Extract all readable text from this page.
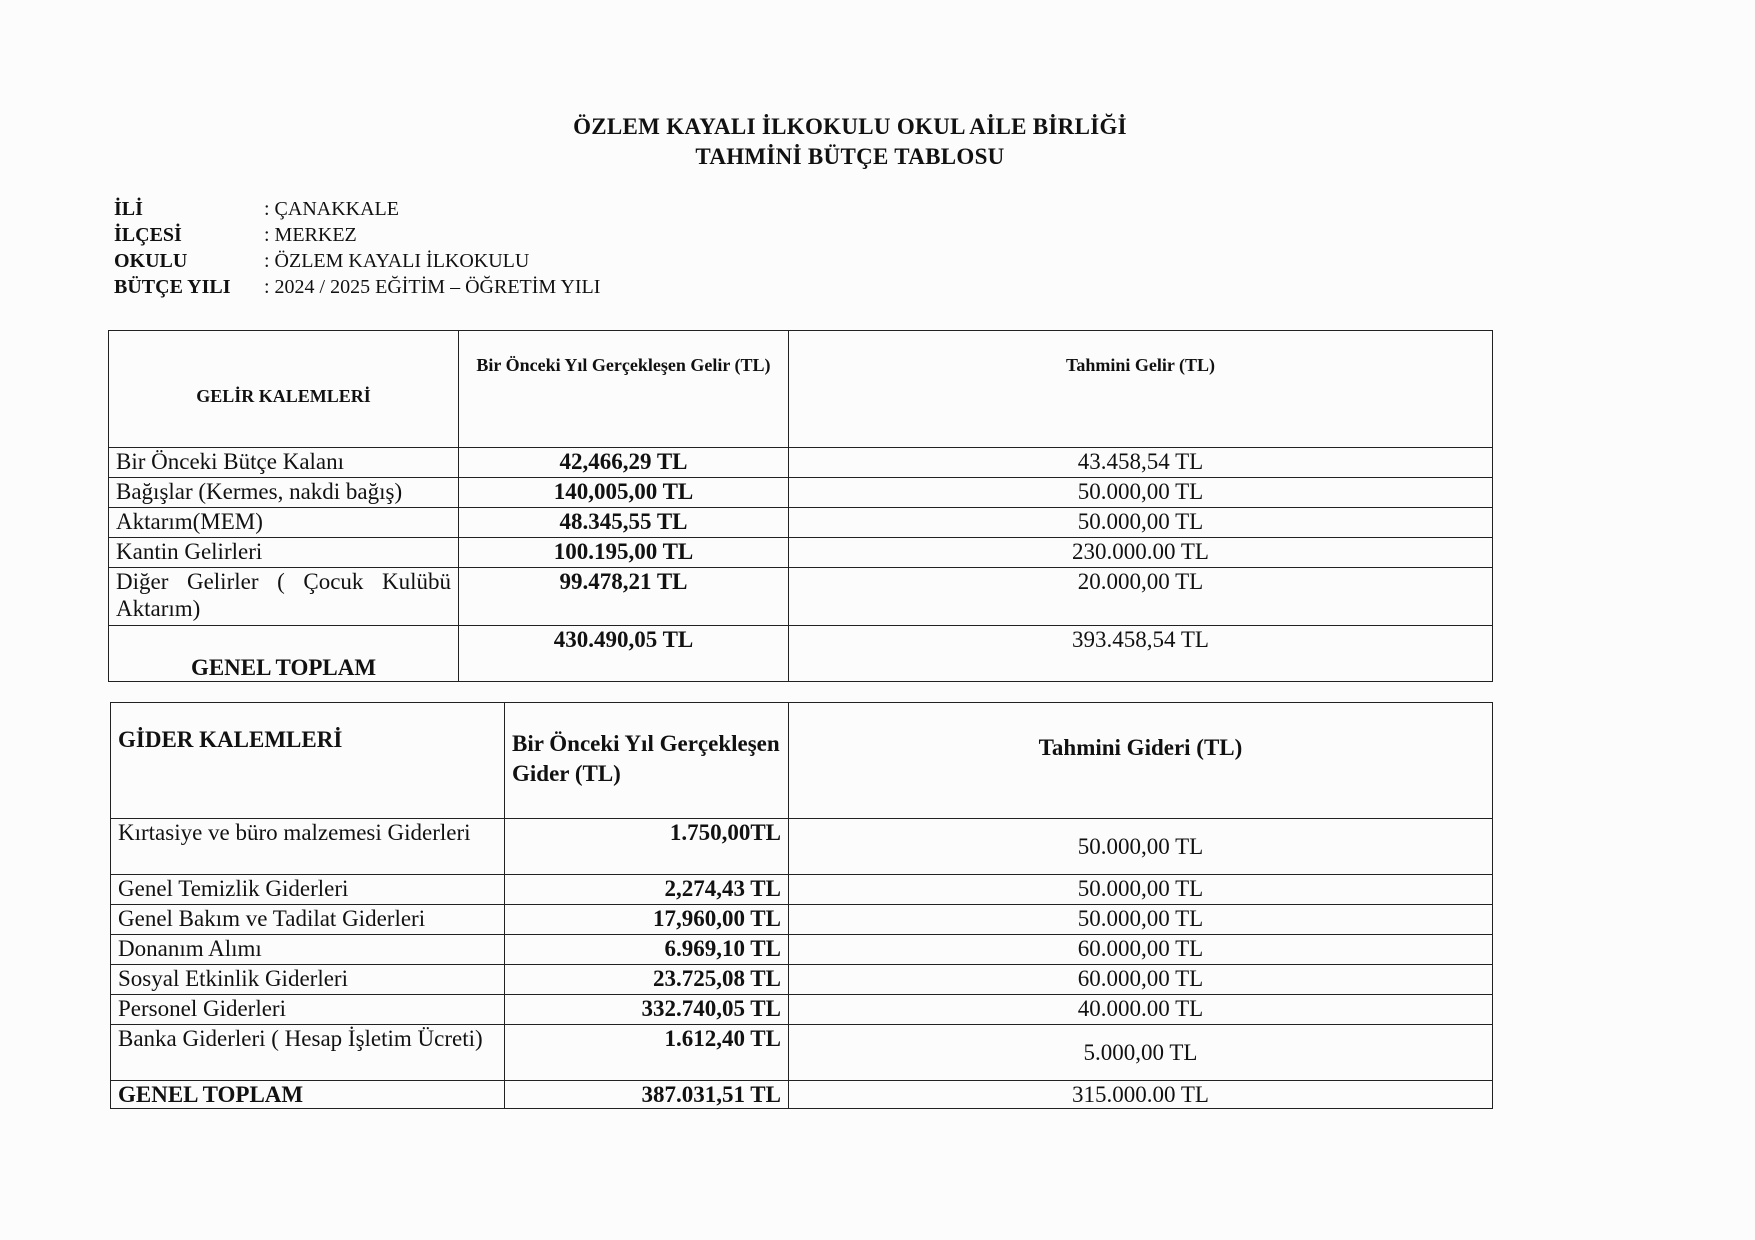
ÖZLEM KAYALI İLKOKULU OKUL AİLE BİRLİĞİ
TAHMİNİ BÜTÇE TABLOSU
İLİ	: ÇANAKKALE
İLÇESİ	: MERKEZ
OKULU	: ÖZLEM KAYALI İLKOKULU
BÜTÇE YILI	: 2024 / 2025 EĞİTİM – ÖĞRETİM YILI
GELİR KALEMLERİ	Bir Önceki Yıl Gerçekleşen Gelir (TL)	Tahmini Gelir (TL)
Bir Önceki Bütçe Kalanı	42,466,29 TL	43.458,54 TL
Bağışlar (Kermes, nakdi bağış)	140,005,00 TL	50.000,00 TL
Aktarım(MEM)	48.345,55 TL	50.000,00 TL
Kantin Gelirleri	100.195,00 TL	230.000.00 TL
Diğer Gelirler ( Çocuk Kulübü Aktarım)	99.478,21 TL	20.000,00 TL
GENEL TOPLAM	430.490,05 TL	393.458,54 TL
GİDER KALEMLERİ	Bir Önceki Yıl Gerçekleşen Gider (TL)	Tahmini Gideri (TL)
Kırtasiye ve büro malzemesi Giderleri	1.750,00TL	50.000,00 TL
Genel Temizlik Giderleri	2,274,43 TL	50.000,00 TL
Genel Bakım ve Tadilat Giderleri	17,960,00 TL	50.000,00 TL
Donanım Alımı	6.969,10 TL	60.000,00 TL
Sosyal Etkinlik Giderleri	23.725,08 TL	60.000,00 TL
Personel Giderleri	332.740,05 TL	40.000.00 TL
Banka Giderleri ( Hesap İşletim Ücreti)	1.612,40 TL	5.000,00 TL
GENEL TOPLAM	387.031,51 TL	315.000.00 TL
